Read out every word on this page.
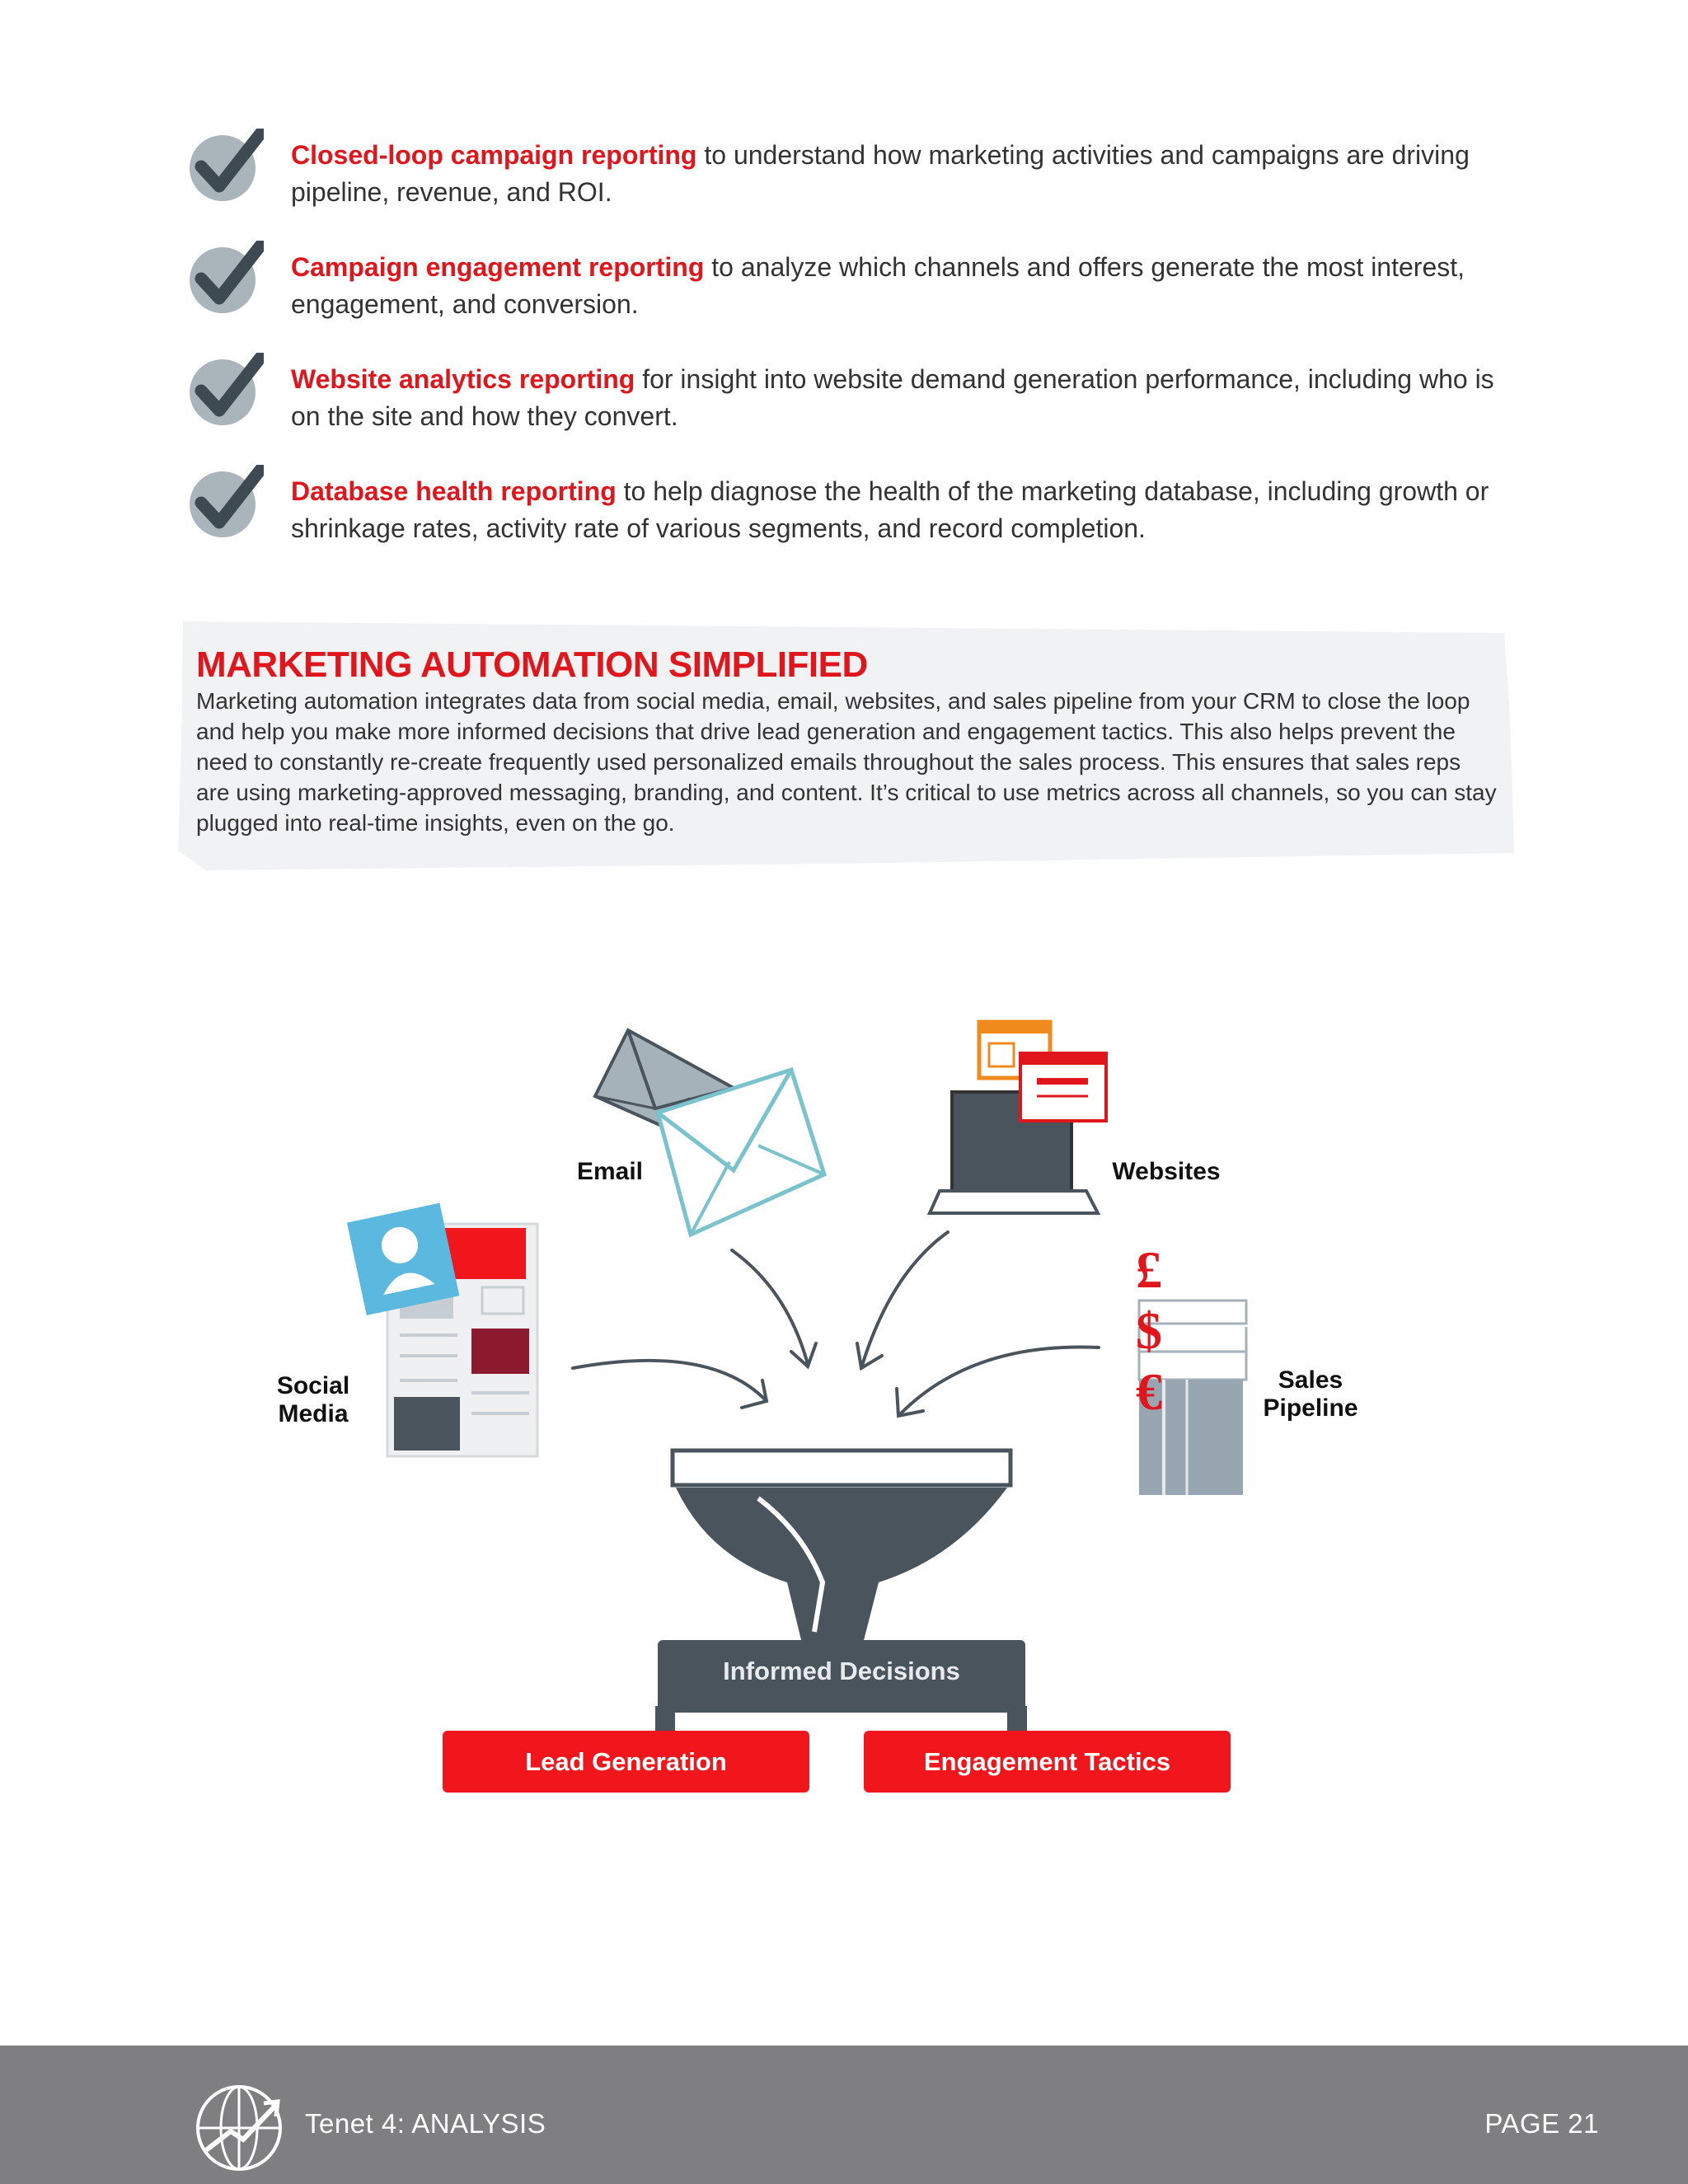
Closed-loop campaign reporting to understand how marketing activities and campaigns are driving pipeline, revenue, and ROI.
Campaign engagement reporting to analyze which channels and offers generate the most interest, engagement, and conversion.
Website analytics reporting for insight into website demand generation performance, including who is on the site and how they convert.
Database health reporting to help diagnose the health of the marketing database, including growth or shrinkage rates, activity rate of various segments, and record completion.
MARKETING AUTOMATION SIMPLIFIED

Marketing automation integrates data from social media, email, websites, and sales pipeline from your CRM to close the loop and help you make more informed decisions that drive lead generation and engagement tactics. This also helps prevent the need to constantly re-create frequently used personalized emails throughout the sales process. This ensures that sales reps are using marketing-approved messaging, branding, and content. It’s critical to use metrics across all channels, so you can stay plugged into real-time insights, even on the go.

Email	Websites
Social
Media
Sales
Pipeline
£$€
Informed Decisions
Lead Generation	Engagement Tactics
Tenet 4: ANALYSIS	PAGE 21
